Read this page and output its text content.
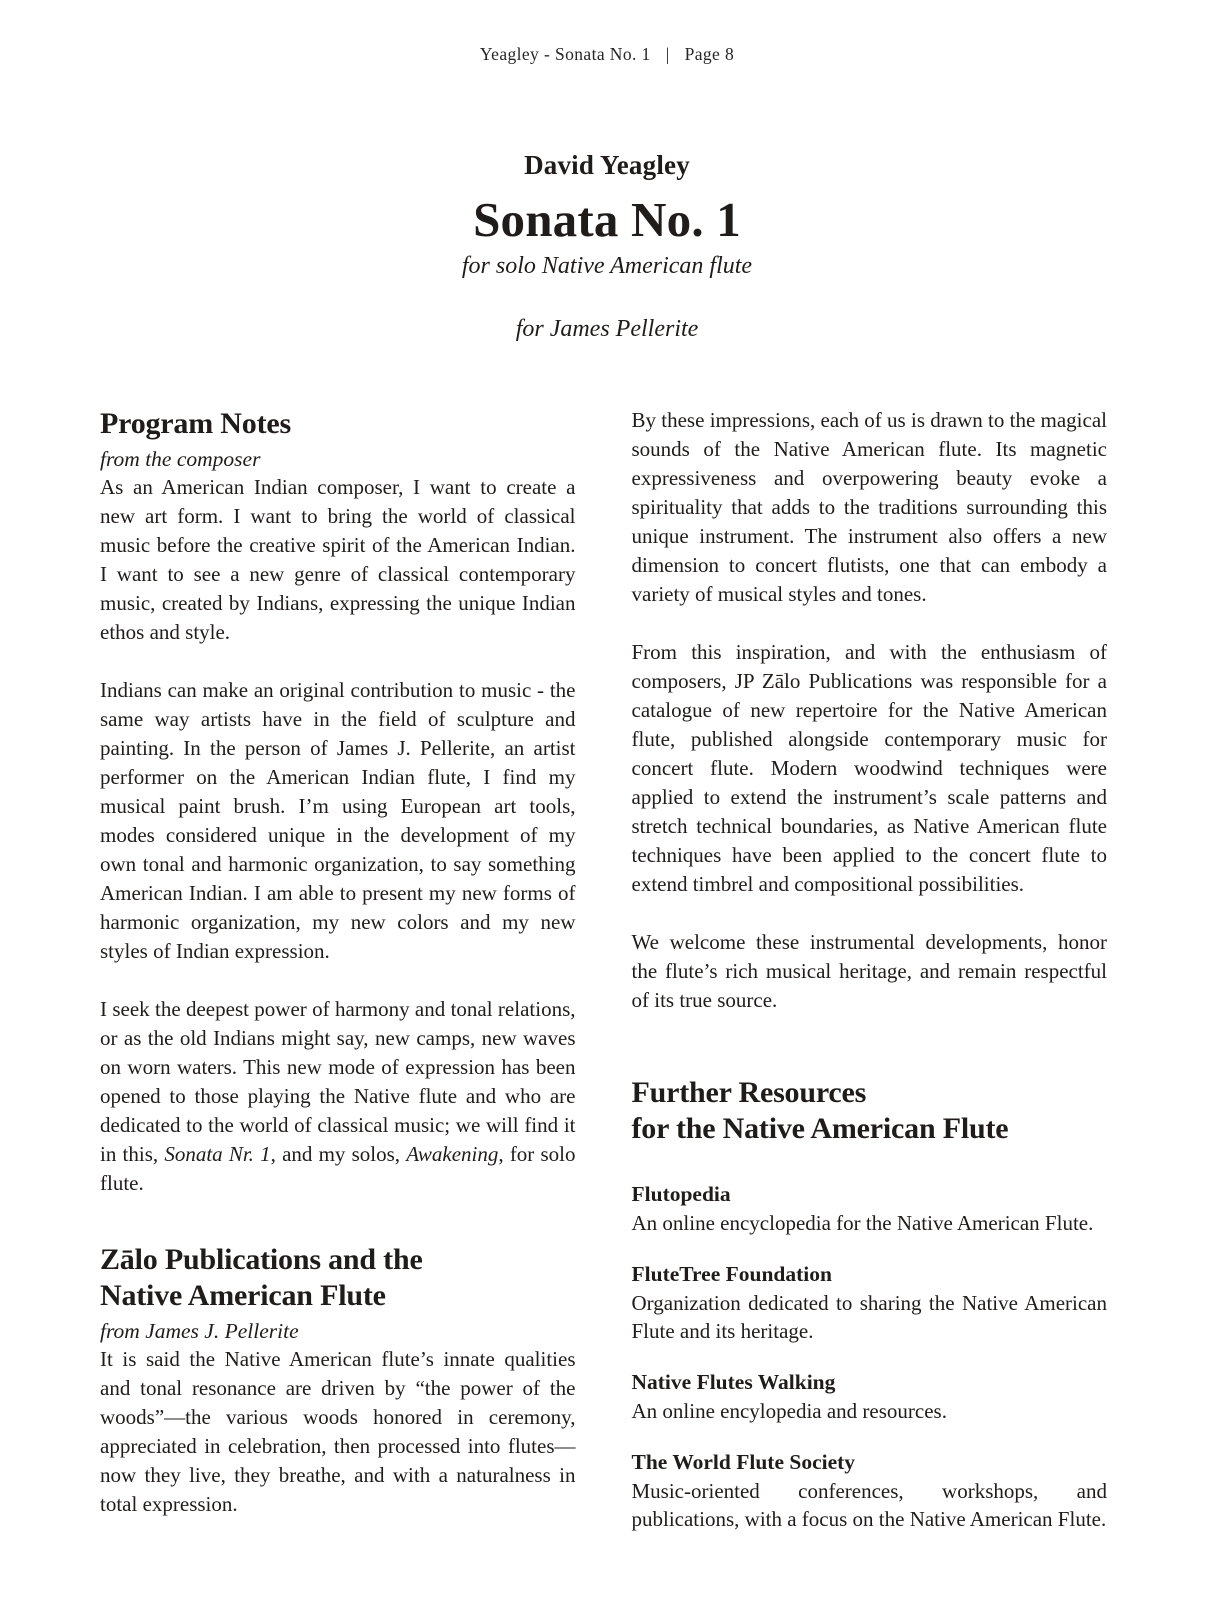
Yeagley - Sonata No. 1 | Page 8
David Yeagley
Sonata No. 1
for solo Native American flute
for James Pellerite
Program Notes
from the composer

As an American Indian composer, I want to create a new art form. I want to bring the world of classical music before the creative spirit of the American Indian. I want to see a new genre of classical contemporary music, created by Indians, expressing the unique Indian ethos and style.

Indians can make an original contribution to music - the same way artists have in the field of sculpture and painting. In the person of James J. Pellerite, an artist performer on the American Indian flute, I find my musical paint brush. I’m using European art tools, modes considered unique in the development of my own tonal and harmonic organization, to say something American Indian. I am able to present my new forms of harmonic organization, my new colors and my new styles of Indian expression.

I seek the deepest power of harmony and tonal relations, or as the old Indians might say, new camps, new waves on worn waters. This new mode of expression has been opened to those playing the Native flute and who are dedicated to the world of classical music; we will find it in this, Sonata Nr. 1, and my solos, Awakening, for solo flute.

Zālo Publications and the
Native American Flute
from James J. Pellerite

It is said the Native American flute’s innate qualities and tonal resonance are driven by “the power of the woods”—the various woods honored in ceremony, appreciated in celebration, then processed into flutes—now they live, they breathe, and with a naturalness in total expression.

By these impressions, each of us is drawn to the magical sounds of the Native American flute. Its magnetic expressiveness and overpowering beauty evoke a spirituality that adds to the traditions surrounding this unique instrument. The instrument also offers a new dimension to concert flutists, one that can embody a variety of musical styles and tones.

From this inspiration, and with the enthusiasm of composers, JP Zālo Publications was responsible for a catalogue of new repertoire for the Native American flute, published alongside contemporary music for concert flute. Modern woodwind techniques were applied to extend the instrument’s scale patterns and stretch technical boundaries, as Native American flute techniques have been applied to the concert flute to extend timbrel and compositional possibilities.

We welcome these instrumental developments, honor the flute’s rich musical heritage, and remain respectful of its true source.

Further Resources
for the Native American Flute
Flutopedia

An online encyclopedia for the Native American Flute.

FluteTree Foundation

Organization dedicated to sharing the Native American Flute and its heritage.

Native Flutes Walking

An online encylopedia and resources.

The World Flute Society

Music-oriented conferences, workshops, and publications, with a focus on the Native American Flute.
